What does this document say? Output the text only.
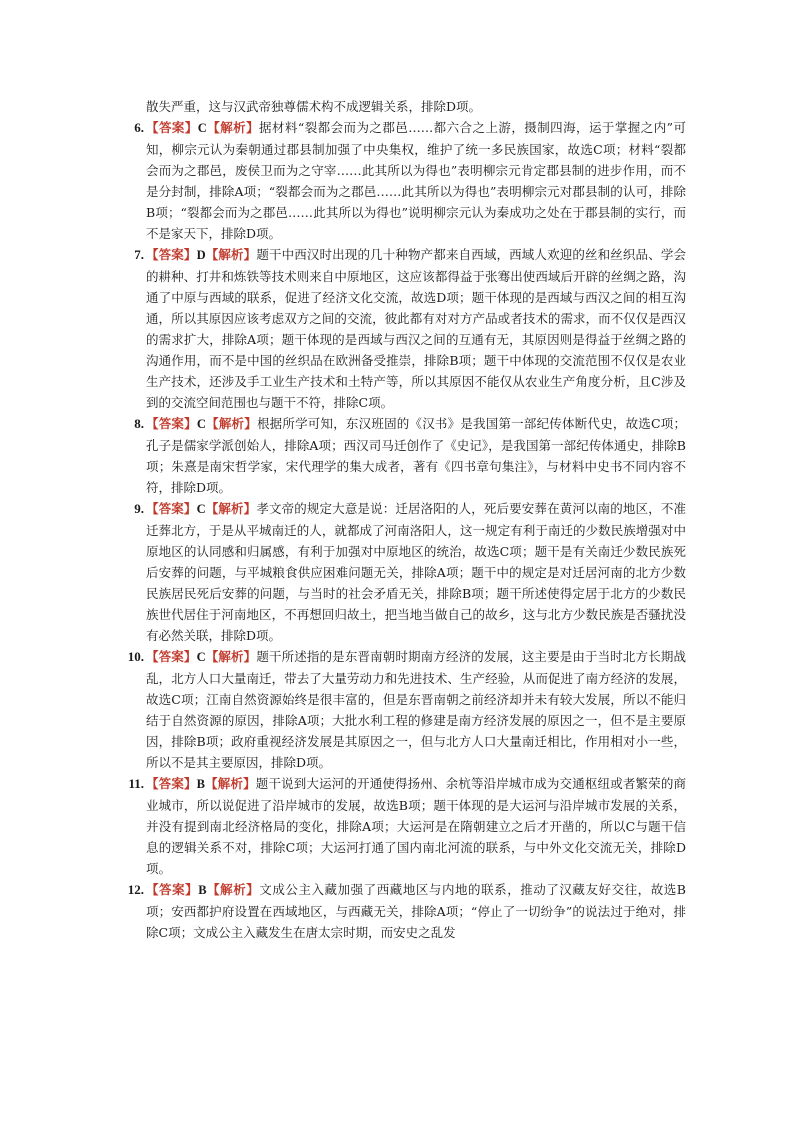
散失严重，这与汉武帝独尊儒术构不成逻辑关系，排除D项。

6. 【答案】C【解析】据材料“裂都会而为之郡邑……都六合之上游，摄制四海，运于掌握之内”可知，柳宗元认为秦朝通过郡县制加强了中央集权，维护了统一多民族国家，故选C项；材料“裂都会而为之郡邑，废侯卫而为之守宰……此其所以为得也”表明柳宗元肯定郡县制的进步作用，而不是分封制，排除A项；“裂都会而为之郡邑……此其所以为得也”表明柳宗元对郡县制的认可，排除B项；“裂都会而为之郡邑……此其所以为得也”说明柳宗元认为秦成功之处在于郡县制的实行，而不是家天下，排除D项。
7. 【答案】D【解析】题干中西汉时出现的几十种物产都来自西域，西域人欢迎的丝和丝织品、学会的耕种、打井和炼铁等技术则来自中原地区，这应该都得益于张骞出使西域后开辟的丝绸之路，沟通了中原与西域的联系，促进了经济文化交流，故选D项；题干体现的是西域与西汉之间的相互沟通，所以其原因应该考虑双方之间的交流，彼此都有对对方产品或者技术的需求，而不仅仅是西汉的需求扩大，排除A项；题干体现的是西域与西汉之间的互通有无，其原因则是得益于丝绸之路的沟通作用，而不是中国的丝织品在欧洲备受推崇，排除B项；题干中体现的交流范围不仅仅是农业生产技术，还涉及手工业生产技术和土特产等，所以其原因不能仅从农业生产角度分析，且C涉及到的交流空间范围也与题干不符，排除C项。
8. 【答案】C【解析】根据所学可知，东汉班固的《汉书》是我国第一部纪传体断代史，故选C项；孔子是儒家学派创始人，排除A项；西汉司马迁创作了《史记》，是我国第一部纪传体通史，排除B项；朱熹是南宋哲学家，宋代理学的集大成者，著有《四书章句集注》，与材料中史书不同内容不符，排除D项。
9. 【答案】C【解析】孝文帝的规定大意是说：迁居洛阳的人，死后要安葬在黄河以南的地区，不准迁葬北方，于是从平城南迁的人，就都成了河南洛阳人，这一规定有利于南迁的少数民族增强对中原地区的认同感和归属感，有利于加强对中原地区的统治，故选C项；题干是有关南迁少数民族死后安葬的问题，与平城粮食供应困难问题无关，排除A项；题干中的规定是对迁居河南的北方少数民族居民死后安葬的问题，与当时的社会矛盾无关，排除B项；题干所述使得定居于北方的少数民族世代居住于河南地区，不再想回归故土，把当地当做自己的故乡，这与北方少数民族是否骚扰没有必然关联，排除D项。
10. 【答案】C【解析】题干所述指的是东晋南朝时期南方经济的发展，这主要是由于当时北方长期战乱，北方人口大量南迁，带去了大量劳动力和先进技术、生产经验，从而促进了南方经济的发展，故选C项；江南自然资源始终是很丰富的，但是东晋南朝之前经济却并未有较大发展，所以不能归结于自然资源的原因，排除A项；大批水利工程的修建是南方经济发展的原因之一，但不是主要原因，排除B项；政府重视经济发展是其原因之一，但与北方人口大量南迁相比，作用相对小一些，所以不是其主要原因，排除D项。
11. 【答案】B【解析】题干说到大运河的开通使得扬州、余杭等沿岸城市成为交通枢纽或者繁荣的商业城市，所以说促进了沿岸城市的发展，故选B项；题干体现的是大运河与沿岸城市发展的关系，并没有提到南北经济格局的变化，排除A项；大运河是在隋朝建立之后才开凿的，所以C与题干信息的逻辑关系不对，排除C项；大运河打通了国内南北河流的联系，与中外文化交流无关，排除D项。
12. 【答案】B【解析】文成公主入藏加强了西藏地区与内地的联系，推动了汉藏友好交往，故选B项；安西都护府设置在西域地区，与西藏无关，排除A项；“停止了一切纷争”的说法过于绝对，排除C项；文成公主入藏发生在唐太宗时期，而安史之乱发
